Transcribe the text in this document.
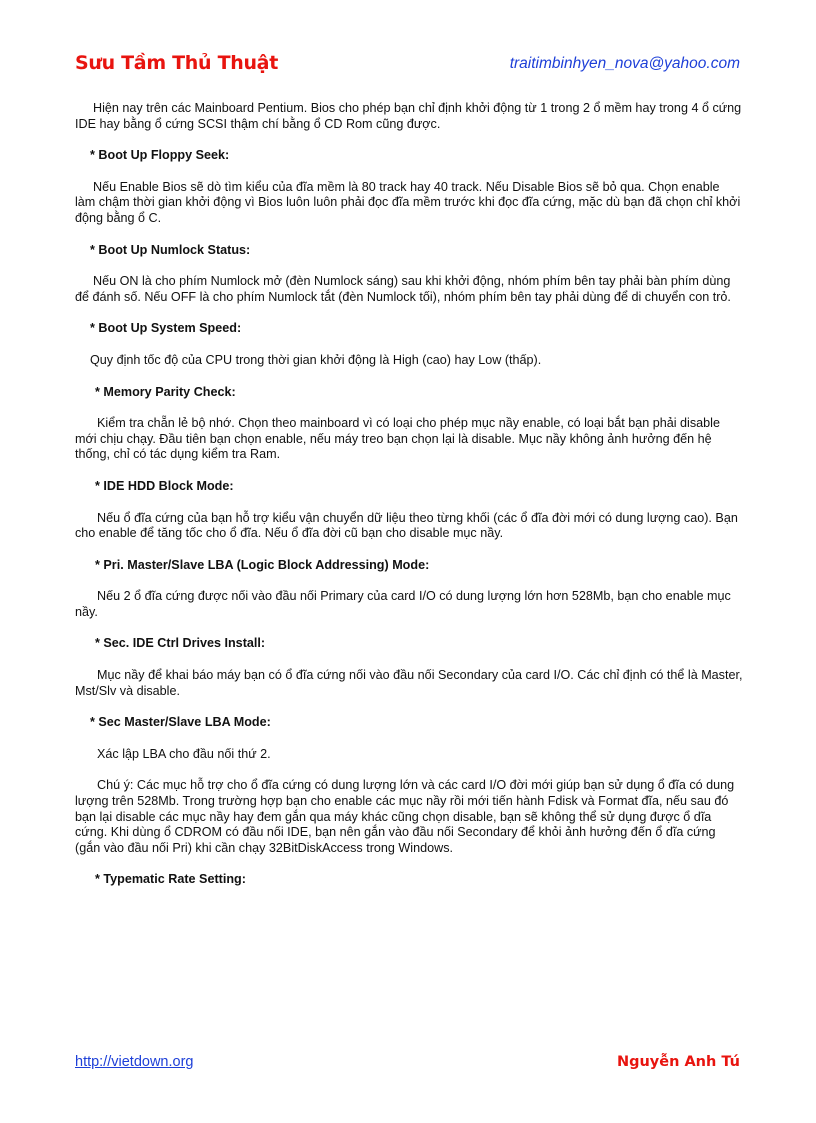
Sưu Tầm Thủ Thuật	traitimbinhyen_nova@yahoo.com

Hiện nay trên các Mainboard Pentium. Bios cho phép bạn chỉ định khởi động từ 1 trong 2 ổ mềm hay trong 4 ổ cứng IDE hay bằng ổ cứng SCSI thậm chí bằng ổ CD Rom cũng được.

* Boot Up Floppy Seek:

Nếu Enable Bios sẽ dò tìm kiểu của đĩa mềm là 80 track hay 40 track. Nếu Disable Bios sẽ bỏ qua. Chọn enable làm chậm thời gian khởi động vì Bios luôn luôn phải đọc đĩa mềm trước khi đọc đĩa cứng, mặc dù bạn đã chọn chỉ khởi động bằng ổ C.

* Boot Up Numlock Status:

Nếu ON là cho phím Numlock mở (đèn Numlock sáng) sau khi khởi động, nhóm phím bên tay phải bàn phím dùng để đánh số. Nếu OFF là cho phím Numlock tắt (đèn Numlock tối), nhóm phím bên tay phải dùng để di chuyển con trỏ.

* Boot Up System Speed:

Quy định tốc độ của CPU trong thời gian khởi động là High (cao) hay Low (thấp).

* Memory Parity Check:

Kiểm tra chẵn lẻ bộ nhớ. Chọn theo mainboard vì có loại cho phép mục nầy enable, có loại bắt bạn phải disable mới chịu chạy. Đầu tiên bạn chọn enable, nếu máy treo bạn chọn lại là disable. Mục nầy không ảnh hưởng đến hệ thống, chỉ có tác dụng kiểm tra Ram.

* IDE HDD Block Mode:

Nếu ổ đĩa cứng của bạn hỗ trợ kiểu vận chuyển dữ liệu theo từng khối (các ổ đĩa đời mới có dung lượng cao). Bạn cho enable để tăng tốc cho ổ đĩa. Nếu ổ đĩa đời cũ bạn cho disable mục nầy.

* Pri. Master/Slave LBA (Logic Block Addressing) Mode:

Nếu 2 ổ đĩa cứng được nối vào đầu nối Primary của card I/O có dung lượng lớn hơn 528Mb, bạn cho enable mục nầy.

* Sec. IDE Ctrl Drives Install:

Mục nầy để khai báo máy bạn có ổ đĩa cứng nối vào đầu nối Secondary của card I/O. Các chỉ định có thể là Master, Mst/Slv và disable.

* Sec Master/Slave LBA Mode:

Xác lập LBA cho đầu nối thứ 2.

Chú ý: Các mục hỗ trợ cho ổ đĩa cứng có dung lượng lớn và các card I/O đời mới giúp bạn sử dụng ổ đĩa có dung lượng trên 528Mb. Trong trường hợp bạn cho enable các mục nầy rồi mới tiến hành Fdisk và Format đĩa, nếu sau đó bạn lại disable các mục nầy hay đem gắn qua máy khác cũng chọn disable, bạn sẽ không thể sử dụng được ổ dĩa cứng. Khi dùng ổ CDROM có đầu nối IDE, bạn nên gắn vào đầu nối Secondary để khỏi ảnh hưởng đến ổ dĩa cứng (gắn vào đầu nối Pri) khi cần chạy 32BitDiskAccess trong Windows.

* Typematic Rate Setting:

http://vietdown.org	Nguyễn Anh Tú
